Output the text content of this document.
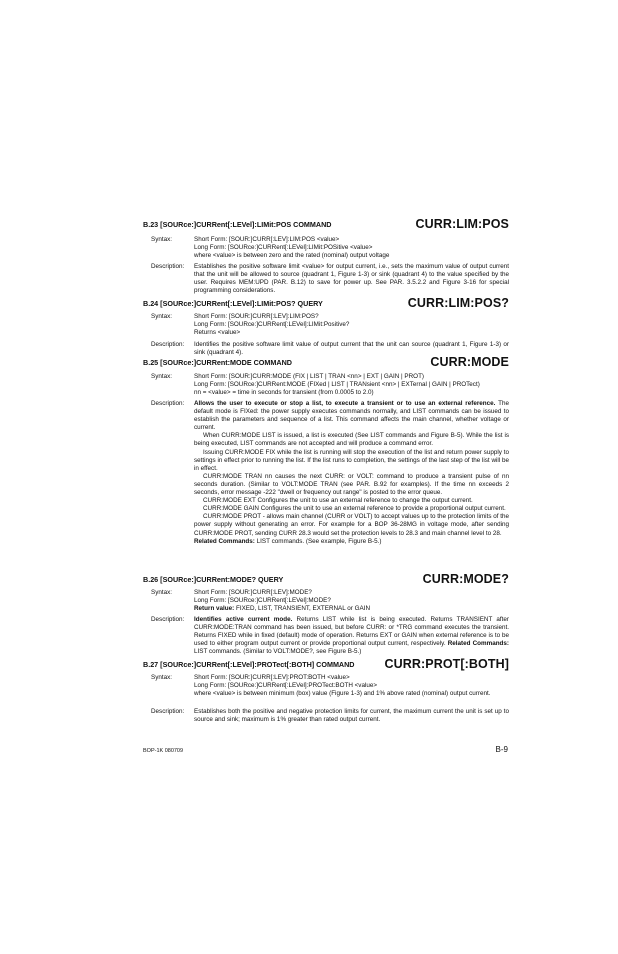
B.23 [SOURce:]CURRent[:LEVel]:LIMit:POS COMMAND	CURR:LIM:POS
Syntax:	Short Form: [SOUR:]CURR[:LEV]:LIM:POS <value>

Long Form: [SOURce:]CURRent[:LEVel]:LIMit:POSitive <value>

where <value> is between zero and the rated (nominal) output voltage

Description:	Establishes the positive software limit <value> for output current, i.e., sets the maximum value of output current that the unit will be allowed to source (quadrant 1, Figure 1-3) or sink (quadrant 4) to the value specified by the user. Requires MEM:UPD (PAR. B.12) to save for power up. See PAR. 3.5.2.2 and Figure 3-16 for special programming considerations.

B.24 [SOURce:]CURRent[:LEVel]:LIMit:POS? QUERY	CURR:LIM:POS?
Syntax:	Short Form: [SOUR:]CURR[:LEV]:LIM:POS?

Long Form: [SOURce:]CURRent[:LEVel]:LIMit:Positive?

Returns <value>

Description:	Identifies the positive software limit value of output current that the unit can source (quadrant 1, Figure 1-3) or sink (quadrant 4).

B.25 [SOURce:]CURRent:MODE COMMAND	CURR:MODE
Syntax:	Short Form: [SOUR:]CURR:MODE (FIX | LIST | TRAN <nn> | EXT | GAIN | PROT)

Long Form: [SOURce:]CURRent:MODE (FIXed | LIST | TRANsient <nn> | EXTernal | GAIN | PROTect)

nn = <value> = time in seconds for transient (from 0.0005 to 2.0)

Description:	Allows the user to execute or stop a list, to execute a transient or to use an external reference. The default mode is FIXed: the power supply executes commands normally, and LIST commands can be issued to establish the parameters and sequence of a list. This command affects the main channel, whether voltage or current.

When CURR:MODE LIST is issued, a list is executed (See LIST commands and Figure B-5). While the list is being executed, LIST commands are not accepted and will produce a command error.

Issuing CURR:MODE FIX while the list is running will stop the execution of the list and return power supply to settings in effect prior to running the list. If the list runs to completion, the settings of the last step of the list will be in effect.

CURR:MODE TRAN nn causes the next CURR: or VOLT: command to produce a transient pulse of nn seconds duration. (Similar to VOLT:MODE TRAN (see PAR. B.92 for examples). If the time nn exceeds 2 seconds, error message -222 "dwell or frequency out range" is posted to the error queue.

CURR:MODE EXT Configures the unit to use an external reference to change the output current.

CURR:MODE GAIN Configures the unit to use an external reference to provide a proportional output current.

CURR:MODE PROT - allows main channel (CURR or VOLT) to accept values up to the protection limits of the power supply without generating an error. For example for a BOP 36-28MG in voltage mode, after sending CURR:MODE PROT, sending CURR 28.3 would set the protection levels to 28.3 and main channel level to 28.

Related Commands: LIST commands. (See example, Figure B-5.)

B.26 [SOURce:]CURRent:MODE? QUERY	CURR:MODE?
Syntax:	Short Form: [SOUR:]CURR[:LEV]:MODE?

Long Form: [SOURce:]CURRent[:LEVel]:MODE?

Return value: FIXED, LIST, TRANSIENT, EXTERNAL or GAIN

Description:	Identifies active current mode. Returns LIST while list is being executed. Returns TRANSIENT after CURR:MODE:TRAN command has been issued, but before CURR: or *TRG command executes the transient. Returns FIXED while in fixed (default) mode of operation. Returns EXT or GAIN when external reference is to be used to either program output current or provide proportional output current, respectively. Related Commands: LIST commands. (Similar to VOLT:MODE?, see Figure B-5.)

B.27 [SOURce:]CURRent[:LEVel]:PROTect[:BOTH] COMMAND CURR:PROT[:BOTH]
Syntax:	Short Form: [SOUR:]CURR[:LEV]:PROT:BOTH <value>

Long Form: [SOURce:]CURRent[:LEVel]:PROTect:BOTH <value>

where <value> is between minimum (box) value (Figure 1-3) and 1% above rated (nominal) output current.

Description:	Establishes both the positive and negative protection limits for current, the maximum current the unit is set up to source and sink; maximum is 1% greater than rated output current.

BOP-1K 080709	B-9
